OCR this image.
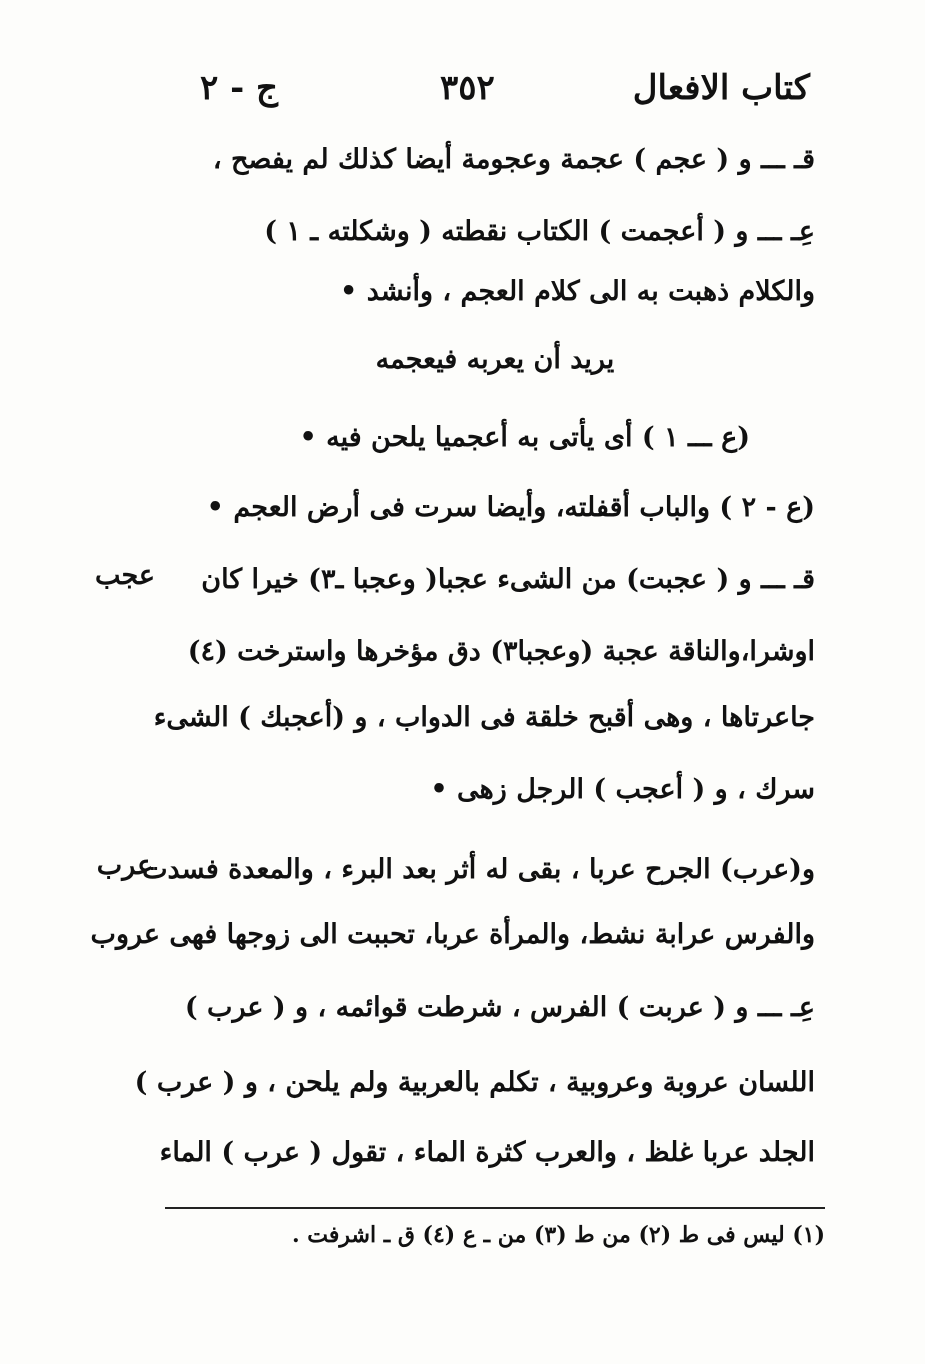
كتاب الافعال
٣٥٢
ج - ٢
قـ ـــ و ( عجم ) عجمة وعجومة أيضا كذلك لم يفصح ،
عِـ ـــ و ( أعجمت ) الكتاب نقطته ( وشكلته ـ ١ )
والكلام ذهبت به الى كلام العجم ، وأنشد •
يريد أن يعربه فيعجمه
(ع ـــ ١ ) أى يأتى به أعجميا يلحن فيه •
(ع - ٢ ) والباب أقفلته، وأيضا سرت فى أرض العجم •
عجب	قـ ـــ و ( عجبت) من الشىء عجبا( وعجبا ـ٣) خيرا كان
اوشرا،والناقة عجبة (وعجبا٣) دق مؤخرها واسترخت (٤)
جاعرتاها ، وهى أقبح خلقة فى الدواب ، و (أعجبك ) الشىء
سرك ، و ( أعجب ) الرجل زهى •
عرب
و(عرب) الجرح عربا ، بقى له أثر بعد البرء ، والمعدة فسدت
والفرس عرابة نشط، والمرأة عربا، تحببت الى زوجها فهى عروب
عِـ ـــ و ( عربت ) الفرس ، شرطت قوائمه ، و ( عرب )
اللسان عروبة وعروبية ، تكلم بالعربية ولم يلحن ، و ( عرب )
الجلد عربا غلظ ، والعرب كثرة الماء ، تقول ( عرب ) الماء
(١) ليس فى ط (٢) من ط (٣) من ـ ع (٤) ق ـ اشرفت .
